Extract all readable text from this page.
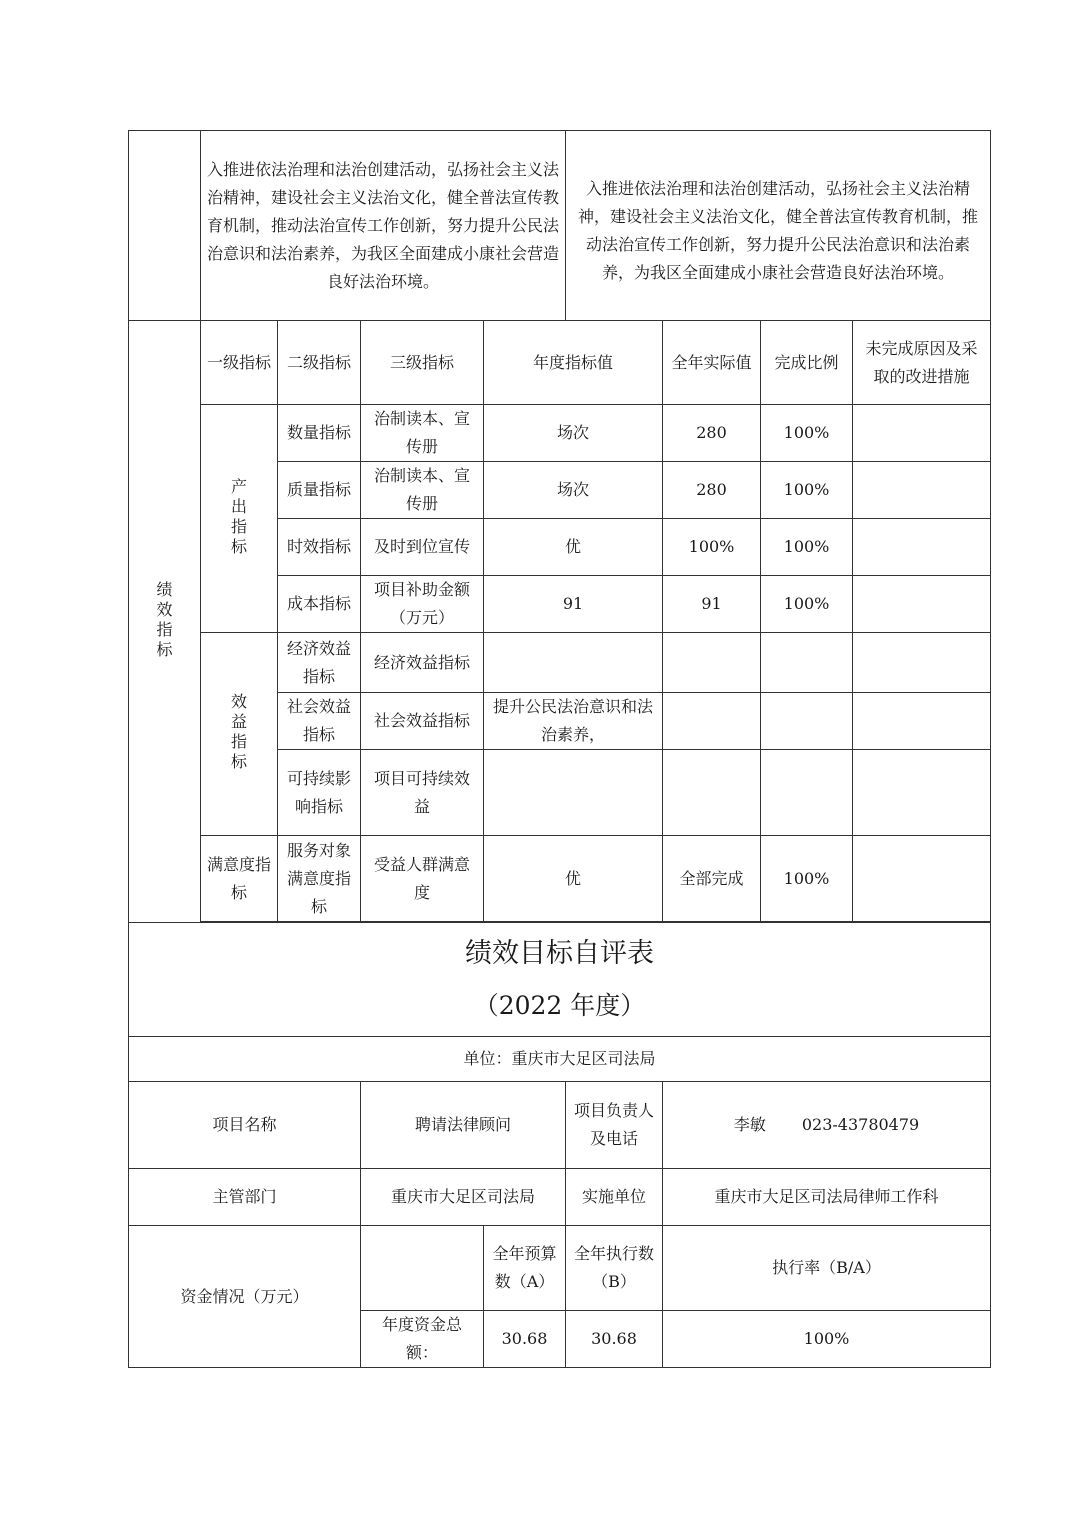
	入推进依法治理和法治创建活动，弘扬社会主义法治精神，建设社会主义法治文化，健全普法宣传教育机制，推动法治宣传工作创新，努力提升公民法治意识和法治素养，为我区全面建成小康社会营造良好法治环境。				入推进依法治理和法治创建活动，弘扬社会主义法治精神，建设社会主义法治文化，健全普法宣传教育机制，推动法治宣传工作创新，努力提升公民法治意识和法治素养，为我区全面建成小康社会营造良好法治环境。			
绩效指标	一级指标	二级指标	三级指标	年度指标值		全年实际值	完成比例	未完成原因及采取的改进措施
	产出指标	数量指标	治制读本、宣传册	场次		280	100%	
		质量指标	治制读本、宣传册	场次		280	100%	
		时效指标	及时到位宣传	优		100%	100%	
		成本指标	项目补助金额（万元）	91		91	100%	
	效益指标	经济效益指标	经济效益指标					
		社会效益指标	社会效益指标	提升公民法治意识和法治素养，				
		可持续影响指标	项目可持续效益					
	满意度指标	服务对象满意度指标	受益人群满意度	优		全部完成	100%	

绩效目标自评表
（2022 年度）								

单位：重庆市大足区司法局								
项目名称			聘请法律顾问		项目负责人及电话	李敏 023-43780479		
主管部门			重庆市大足区司法局		实施单位	重庆市大足区司法局律师工作科		
资金情况（万元）				全年预算数（A）	全年执行数（B）	执行率（B/A）		
			年度资金总额：	30.68	30.68	100%		
